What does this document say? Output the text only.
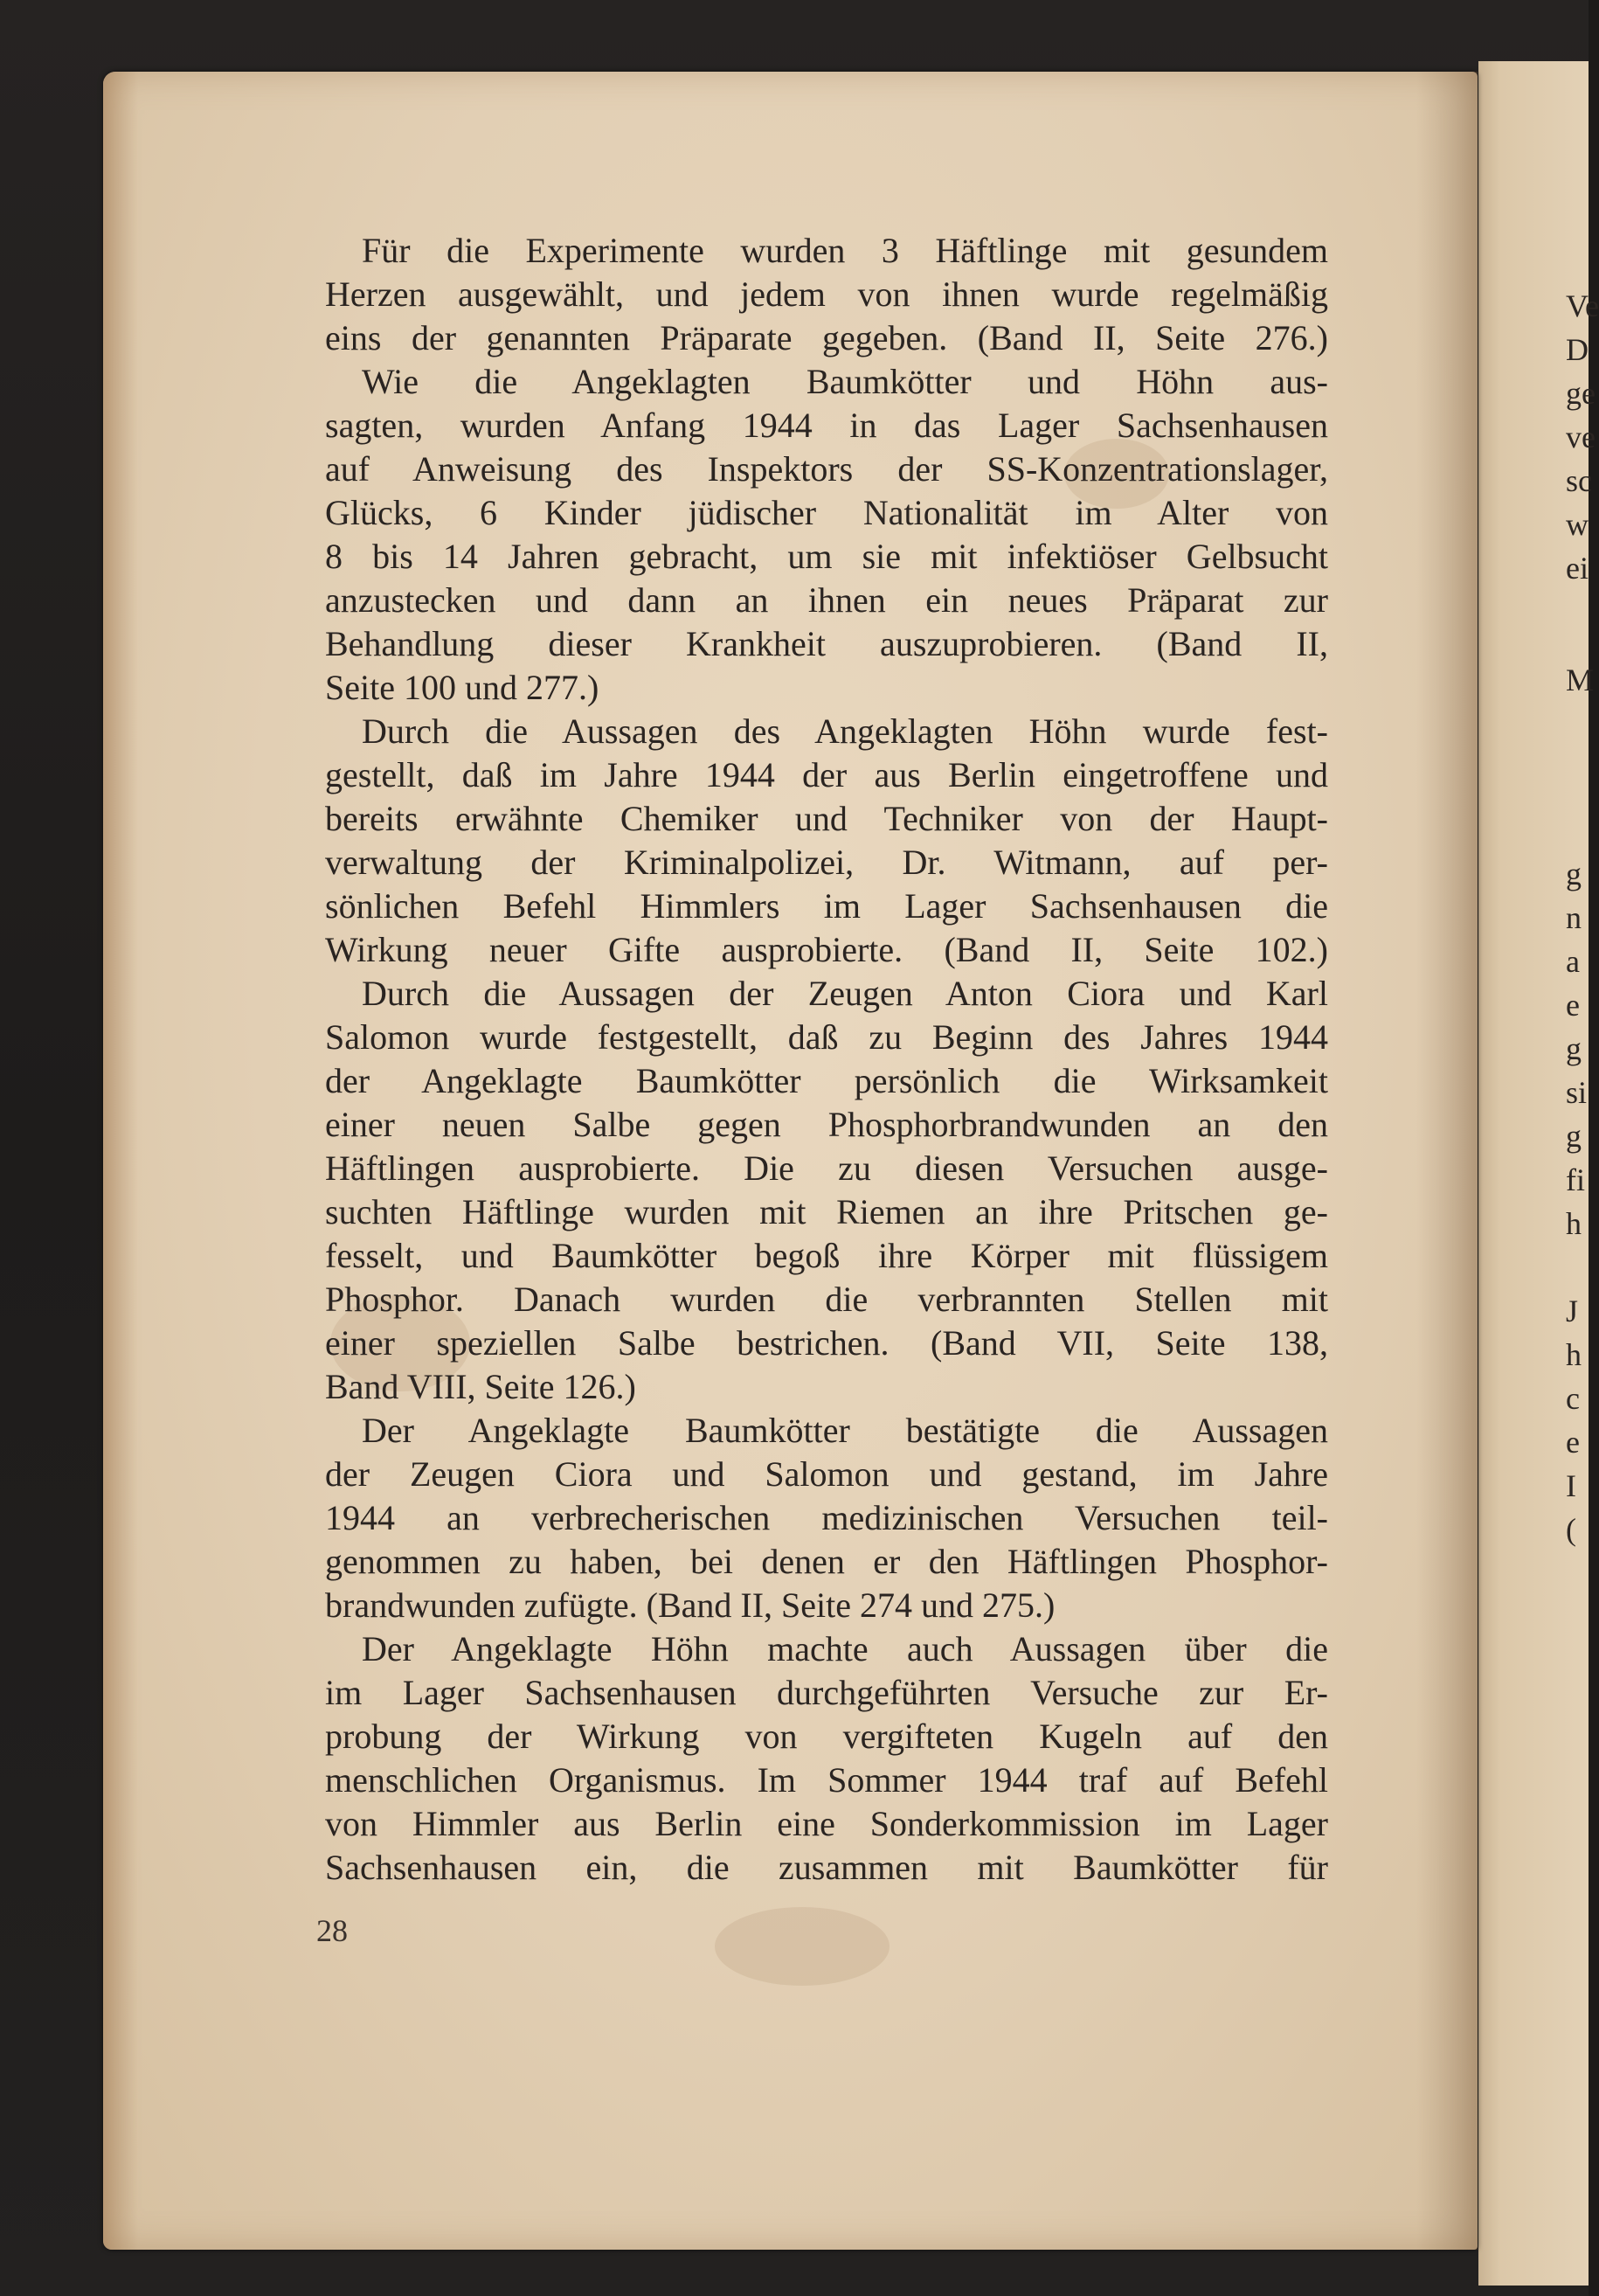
Ve
D
ge
ve
sc
w
ei
M
g
n
a
e
g
si
g
fi
h
J
h
c
e
I
(
Für die Experimente wurden 3 Häftlinge mit gesundem
Herzen ausgewählt, und jedem von ihnen wurde regelmäßig
eins der genannten Präparate gegeben. (Band II, Seite 276.)
Wie die Angeklagten Baumkötter und Höhn aus-
sagten, wurden Anfang 1944 in das Lager Sachsenhausen
auf Anweisung des Inspektors der SS-Konzentrationslager,
Glücks, 6 Kinder jüdischer Nationalität im Alter von
8 bis 14 Jahren gebracht, um sie mit infektiöser Gelbsucht
anzustecken und dann an ihnen ein neues Präparat zur
Behandlung dieser Krankheit auszuprobieren. (Band II,
Seite 100 und 277.)
Durch die Aussagen des Angeklagten Höhn wurde fest-
gestellt, daß im Jahre 1944 der aus Berlin eingetroffene und
bereits erwähnte Chemiker und Techniker von der Haupt-
verwaltung der Kriminalpolizei, Dr. Witmann, auf per-
sönlichen Befehl Himmlers im Lager Sachsenhausen die
Wirkung neuer Gifte ausprobierte. (Band II, Seite 102.)
Durch die Aussagen der Zeugen Anton Ciora und Karl
Salomon wurde festgestellt, daß zu Beginn des Jahres 1944
der Angeklagte Baumkötter persönlich die Wirksamkeit
einer neuen Salbe gegen Phosphorbrandwunden an den
Häftlingen ausprobierte. Die zu diesen Versuchen ausge-
suchten Häftlinge wurden mit Riemen an ihre Pritschen ge-
fesselt, und Baumkötter begoß ihre Körper mit flüssigem
Phosphor. Danach wurden die verbrannten Stellen mit
einer speziellen Salbe bestrichen. (Band VII, Seite 138,
Band VIII, Seite 126.)
Der Angeklagte Baumkötter bestätigte die Aussagen
der Zeugen Ciora und Salomon und gestand, im Jahre
1944 an verbrecherischen medizinischen Versuchen teil-
genommen zu haben, bei denen er den Häftlingen Phosphor-
brandwunden zufügte. (Band II, Seite 274 und 275.)
Der Angeklagte Höhn machte auch Aussagen über die
im Lager Sachsenhausen durchgeführten Versuche zur Er-
probung der Wirkung von vergifteten Kugeln auf den
menschlichen Organismus. Im Sommer 1944 traf auf Befehl
von Himmler aus Berlin eine Sonderkommission im Lager
Sachsenhausen ein, die zusammen mit Baumkötter für
28
